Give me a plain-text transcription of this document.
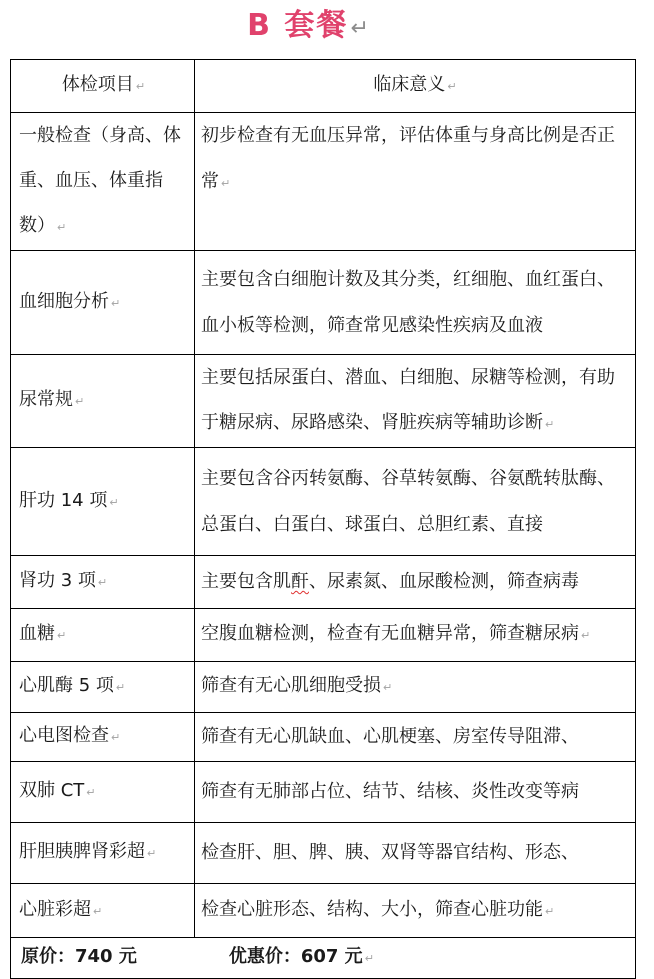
B 套餐↵
体检项目 ↵	临床意义 ↵
一般检查（身高、体重、血压、体重指数） ↵	初步检查有无血压异常，评估体重与身高比例是否正常 ↵
血细胞分析 ↵	主要包含白细胞计数及其分类，红细胞、血红蛋白、血小板等检测，筛查常见感染性疾病及血液

尿常规 ↵	主要包括尿蛋白、潜血、白细胞、尿糖等检测，有助于糖尿病、尿路感染、肾脏疾病等辅助诊断 ↵

肝功 14 项 ↵	主要包含谷丙转氨酶、谷草转氨酶、谷氨酰转肽酶、总蛋白、白蛋白、球蛋白、总胆红素、直接

肾功 3 项 ↵	主要包含肌酐、尿素氮、血尿酸检测，筛查病毒
血糖 ↵	空腹血糖检测，检查有无血糖异常，筛查糖尿病 ↵
心肌酶 5 项 ↵	筛查有无心肌细胞受损 ↵
心电图检查 ↵	筛查有无心肌缺血、心肌梗塞、房室传导阻滞、
双肺 CT ↵	筛查有无肺部占位、结节、结核、炎性改变等病
肝胆胰脾肾彩超 ↵	检查肝、胆、脾、胰、双肾等器官结构、形态、
心脏彩超 ↵	检查心脏形态、结构、大小，筛查心脏功能 ↵
原价：740 元 优惠价：607 元 ↵	
